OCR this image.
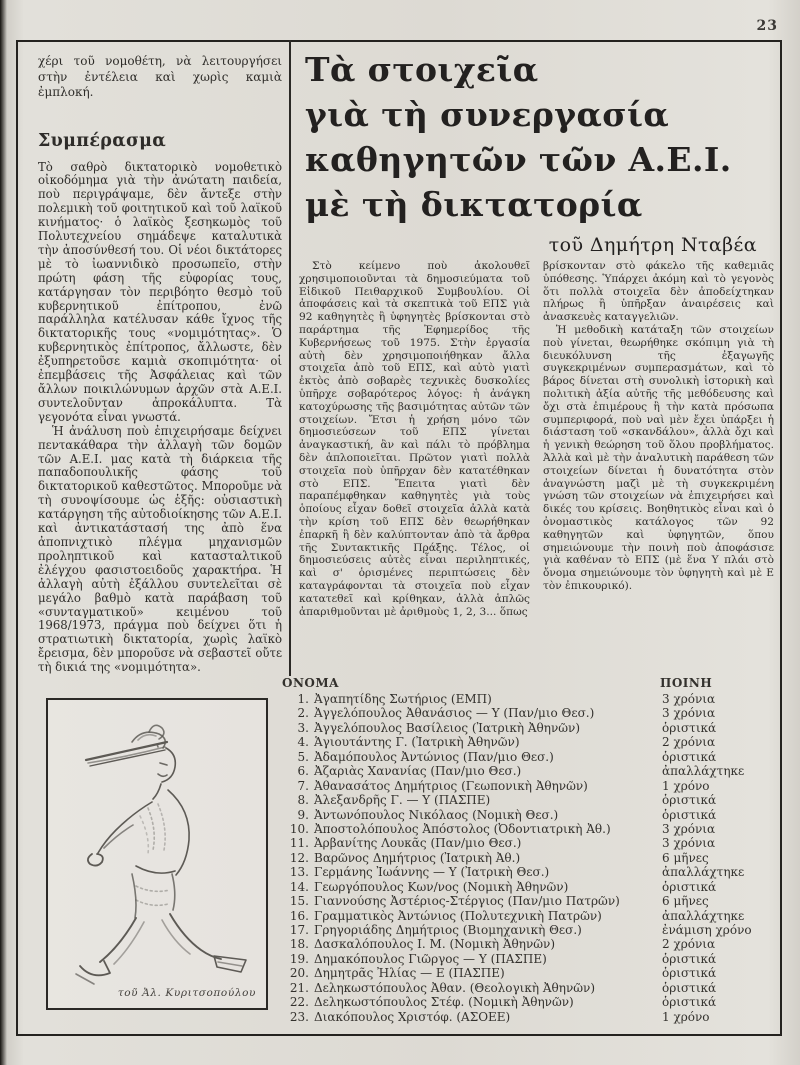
23
χέρι τοῦ νομοθέτη, νὰ λειτουργήσει στὴν ἐντέλεια καὶ χωρὶς καμιὰ ἐμπλοκή.
Συμπέρασμα

Τὸ σαθρὸ δικτατορικὸ νομοθετικὸ οἰκοδόμημα γιὰ τὴν ἀνώτατη παιδεία, ποὺ περιγράψαμε, δὲν ἄντεξε στὴν πολεμικὴ τοῦ φοιτητικοῦ καὶ τοῦ λαϊκοῦ κινήματος· ὁ λαϊκὸς ξεσηκωμὸς τοῦ Πολυτεχνείου σημάδεψε καταλυτικὰ τὴν ἀποσύνθεσή του. Οἱ νέοι δικτάτορες μὲ τὸ ἰωαννιδικὸ προσωπεῖο, στὴν πρώτη φάση τῆς εὐφορίας τους, κατάργησαν τὸν περιβόητο θεσμὸ τοῦ κυβερνητικοῦ ἐπίτροπου, ἐνῶ παράλληλα κατέλυσαν κάθε ἴχνος τῆς δικτατορικῆς τους «νομιμότητας». Ὁ κυβερνητικὸς ἐπίτροπος, ἄλλωστε, δὲν ἐξυπηρετοῦσε καμιὰ σκοπιμότητα· οἱ ἐπεμβάσεις τῆς Ἀσφάλειας καὶ τῶν ἄλλων ποικιλώνυμων ἀρχῶν στὰ Α.Ε.Ι. συντελοῦνταν ἀπροκάλυπτα. Τὰ γεγονότα εἶναι γνωστά.

Ἡ ἀνάλυση ποὺ ἐπιχειρήσαμε δείχνει πεντακάθαρα τὴν ἀλλαγὴ τῶν δομῶν τῶν Α.Ε.Ι. μας κατὰ τὴ διάρκεια τῆς παπαδοπουλικῆς φάσης τοῦ δικτατορικοῦ καθεστῶτος. Μποροῦμε νὰ τὴ συνοψίσουμε ὡς ἑξῆς: οὐσιαστικὴ κατάργηση τῆς αὐτοδιοίκησης τῶν Α.Ε.Ι. καὶ ἀντικατάστασή της ἀπὸ ἕνα ἀποπνιχτικὸ πλέγμα μηχανισμῶν προληπτικοῦ καὶ κατασταλτικοῦ ἐλέγχου φασιστοειδοῦς χαρακτήρα. Ἡ ἀλλαγὴ αὐτὴ ἐξάλλου συντελεῖται σὲ μεγάλο βαθμὸ κατὰ παράβαση τοῦ «συνταγματικοῦ» κειμένου τοῦ 1968/1973, πράγμα ποὺ δείχνει ὅτι ἡ στρατιωτικὴ δικτατορία, χωρὶς λαϊκὸ ἔρεισμα, δὲν μποροῦσε νὰ σεβαστεῖ οὔτε τὴ δικιά της «νομιμότητα».

Τὰ στοιχεῖα
γιὰ τὴ συνεργασία
καθηγητῶν τῶν Α.Ε.Ι.
μὲ τὴ δικτατορία
τοῦ Δημήτρη Νταβέα

Στὸ κείμενο ποὺ ἀκολουθεῖ χρησιμοποιοῦνται τὰ δημοσιεύματα τοῦ Εἰδικοῦ Πειθαρχικοῦ Συμβουλίου. Οἱ ἀποφάσεις καὶ τὰ σκεπτικὰ τοῦ ΕΠΣ γιὰ 92 καθηγητὲς ἢ ὑφηγητὲς βρίσκονται στὸ παράρτημα τῆς Ἐφημερίδος τῆς Κυβερνήσεως τοῦ 1975. Στὴν ἐργασία αὐτὴ δὲν χρησιμοποιήθηκαν ἄλλα στοιχεῖα ἀπὸ τοῦ ΕΠΣ, καὶ αὐτὸ γιατὶ ἐκτὸς ἀπὸ σοβαρὲς τεχνικὲς δυσκολίες ὑπῆρχε σοβαρότερος λόγος: ἡ ἀνάγκη κατοχύρωσης τῆς βασιμότητας αὐτῶν τῶν στοιχείων. Ἔτσι ἡ χρήση μόνο τῶν δημοσιεύσεων τοῦ ΕΠΣ γίνεται ἀναγκαστική, ἂν καὶ πάλι τὸ πρόβλημα δὲν ἁπλοποιεῖται. Πρῶτον γιατὶ πολλὰ στοιχεῖα ποὺ ὑπῆρχαν δὲν κατατέθηκαν στὸ ΕΠΣ. Ἔπειτα γιατὶ δὲν παραπέμφθηκαν καθηγητὲς γιὰ τοὺς ὁποίους εἶχαν δοθεῖ στοιχεῖα ἀλλὰ κατὰ τὴν κρίση τοῦ ΕΠΣ δὲν θεωρήθηκαν ἐπαρκῆ ἢ δὲν καλύπτονταν ἀπὸ τὰ ἄρθρα τῆς Συντακτικῆς Πράξης. Τέλος, οἱ δημοσιεύσεις αὐτὲς εἶναι περιληπτικές, καὶ σ' ὁρισμένες περιπτώσεις δὲν καταγράφονται τὰ στοιχεῖα ποὺ εἶχαν κατατεθεῖ καὶ κρίθηκαν, ἀλλὰ ἁπλῶς ἀπαριθμοῦνται μὲ ἀριθμοὺς 1, 2, 3... ὅπως

βρίσκονταν στὸ φάκελο τῆς καθεμιᾶς ὑπόθεσης. Ὑπάρχει ἀκόμη καὶ τὸ γεγονὸς ὅτι πολλὰ στοιχεῖα δὲν ἀποδείχτηκαν πλήρως ἢ ὑπῆρξαν ἀναιρέσεις καὶ ἀνασκευὲς καταγγελιῶν.

Ἡ μεθοδικὴ κατάταξη τῶν στοιχείων ποὺ γίνεται, θεωρήθηκε σκόπιμη γιὰ τὴ διευκόλυνση τῆς ἐξαγωγῆς συγκεκριμένων συμπερασμάτων, καὶ τὸ βάρος δίνεται στὴ συνολικὴ ἱστορικὴ καὶ πολιτικὴ ἀξία αὐτῆς τῆς μεθόδευσης καὶ ὄχι στὰ ἐπιμέρους ἢ τὴν κατὰ πρόσωπα συμπεριφορά, ποὺ ναὶ μὲν ἔχει ὑπάρξει ἡ διάσταση τοῦ «σκανδάλου», ἀλλὰ ὄχι καὶ ἡ γενικὴ θεώρηση τοῦ ὅλου προβλήματος. Ἀλλὰ καὶ μὲ τὴν ἀναλυτικὴ παράθεση τῶν στοιχείων δίνεται ἡ δυνατότητα στὸν ἀναγνώστη μαζὶ μὲ τὴ συγκεκριμένη γνώση τῶν στοιχείων νὰ ἐπιχειρήσει καὶ δικές του κρίσεις. Βοηθητικὸς εἶναι καὶ ὁ ὀνομαστικὸς κατάλογος τῶν 92 καθηγητῶν καὶ ὑφηγητῶν, ὅπου σημειώνουμε τὴν ποινὴ ποὺ ἀποφάσισε γιὰ καθέναν τὸ ΕΠΣ (μὲ ἕνα Υ πλάι στὸ ὄνομα σημειώνουμε τὸν ὑφηγητὴ καὶ μὲ Ε τὸν ἐπικουρικό).

ΟΝΟΜΑ	ΠΟΙΝΗ
1. Ἀγαπητίδης Σωτήριος (ΕΜΠ)	3 χρόνια
2. Ἀγγελόπουλος Ἀθανάσιος — Υ (Παν/μιο Θεσ.)	3 χρόνια
3. Ἀγγελόπουλος Βασίλειος (Ἰατρικὴ Ἀθηνῶν)	ὁριστικά
4. Ἁγιουτάντης Γ. (Ἰατρικὴ Ἀθηνῶν)	2 χρόνια
5. Ἀδαμόπουλος Ἀντώνιος (Παν/μιο Θεσ.)	ὁριστικά
6. Ἀζαριὰς Χανανίας (Παν/μιο Θεσ.)	ἀπαλλάχτηκε
7. Ἀθανασάτος Δημήτριος (Γεωπονικὴ Ἀθηνῶν)	1 χρόνο
8. Ἀλεξανδρῆς Γ. — Υ (ΠΑΣΠΕ)	ὁριστικά
9. Ἀντωνόπουλος Νικόλαος (Νομικὴ Θεσ.)	ὁριστικά
10. Ἀποστολόπουλος Ἀπόστολος (Ὀδοντιατρικὴ Ἀθ.)	3 χρόνια
11. Ἀρβανίτης Λουκᾶς (Παν/μιο Θεσ.)	3 χρόνια
12. Βαρῶνος Δημήτριος (Ἰατρικὴ Ἀθ.)	6 μῆνες
13. Γερμάνης Ἰωάννης — Υ (Ἰατρικὴ Θεσ.)	ἀπαλλάχτηκε
14. Γεωργόπουλος Κων/νος (Νομικὴ Ἀθηνῶν)	ὁριστικά
15. Γιαννούσης Ἀστέριος-Στέργιος (Παν/μιο Πατρῶν)	6 μῆνες
16. Γραμματικὸς Ἀντώνιος (Πολυτεχνικὴ Πατρῶν)	ἀπαλλάχτηκε
17. Γρηγοριάδης Δημήτριος (Βιομηχανικὴ Θεσ.)	ἐνάμιση χρόνο
18. Δασκαλόπουλος Ι. Μ. (Νομικὴ Ἀθηνῶν)	2 χρόνια
19. Δημακόπουλος Γιῶργος — Υ (ΠΑΣΠΕ)	ὁριστικά
20. Δημητρᾶς Ἠλίας — Ε (ΠΑΣΠΕ)	ὁριστικά
21. Δεληκωστόπουλος Ἀθαν. (Θεολογικὴ Ἀθηνῶν)	ὁριστικά
22. Δεληκωστόπουλος Στέφ. (Νομικὴ Ἀθηνῶν)	ὁριστικά
23. Διακόπουλος Χριστόφ. (ΑΣΟΕΕ)	1 χρόνο
τοῦ Ἀλ. Κυριτσοπούλου
